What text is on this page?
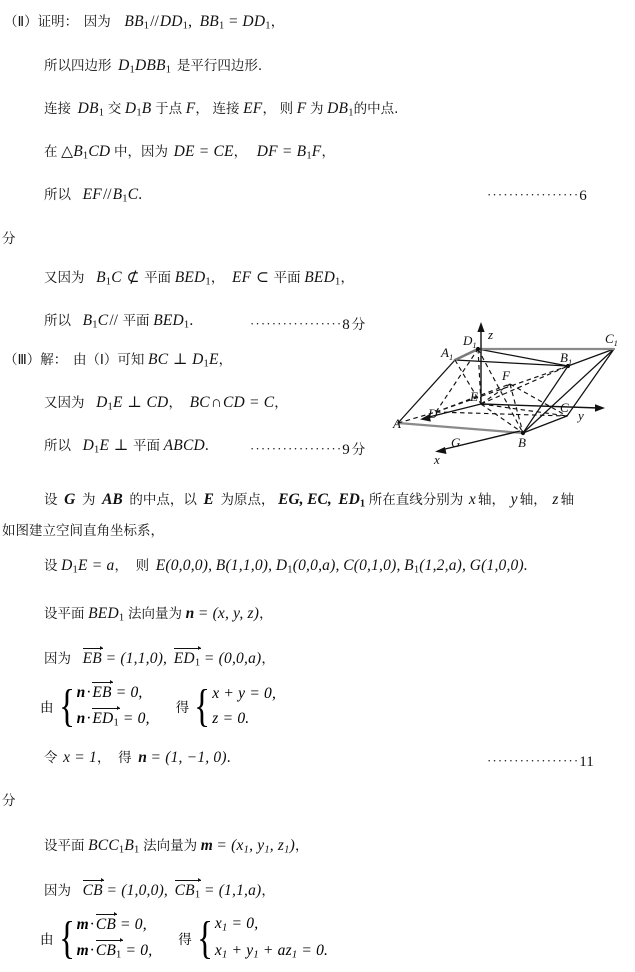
（Ⅱ）证明： 因为 $BB_1//DD_1$, $BB_1 = DD_1$，
所以四边形 $D_1DBB_1$ 是平行四边形.
连接 $DB_1$ 交 $D_1B$ 于点 F， 连接 EF， 则 F 为 $DB_1$的中点.
在 $\triangle B_1CD$ 中，因为 DE = CE， DF = $B_1F$，
所以 $EF//B_1C$.	·················6
分
又因为 $B_1C$ ⊄ 平面 $BED_1$， EF ⊂ 平面 $BED_1$，
所以 $B_1C//$ 平面 $BED_1$.	·················8 分
（Ⅲ）解： 由（Ⅰ）可知 BC ⊥ $D_1E$，
又因为 $D_1E$ ⊥ CD， BC∩CD = C，
所以 $D_1E$ ⊥ 平面 ABCD.	·················9 分
设 G 为 AB 的中点，以 E 为原点， EG, EC, $ED_1$ 所在直线分别为 x 轴， y 轴， z 轴
如图建立空间直角坐标系，
设 $D_1E = a$， 则 E(0,0,0), B(1,1,0), $D_1(0,0,a)$, C(0,1,0), $B_1(1,2,a)$, G(1,0,0).
设平面 $BED_1$ 法向量为 n = (x, y, z)，
因为 EB = (1,1,0), $ED_1 = (0,0,a)$，
由 { n·EB = 0,
$n\cdot ED_1 = 0$,
得 { x + y = 0,
z = 0.
令 x = 1， 得 n = (1, −1, 0).	·················11
分
设平面 $BCC_1B_1$ 法向量为 $m = (x_1$, $y_1$, $z_1$)，
因为 CB = (1,0,0), $CB_1 = (1,1,a)$，
由 { m·CB = 0,
$m\cdot CB_1 = 0$,
得 { $x_1 = 0$,
$x_1 + y_1 + az_1 = 0$.
A
B
C
D
$A_1$	$B_1$
$C_1$
$D_1$
E
F
G
z
y
x
